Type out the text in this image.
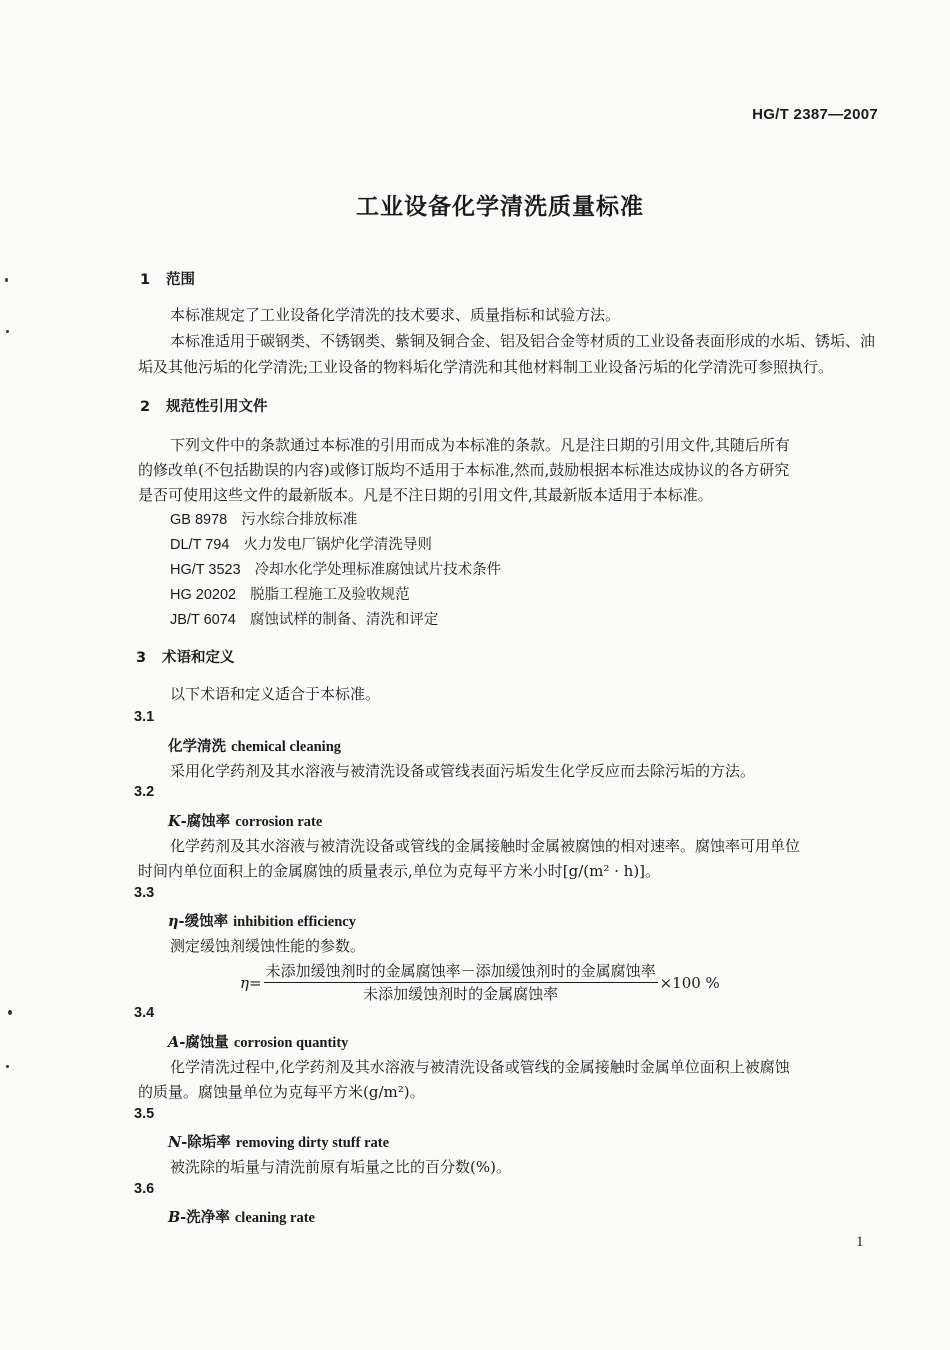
HG/T 2387—2007
工业设备化学清洗质量标准
1 范围
本标准规定了工业设备化学清洗的技术要求、质量指标和试验方法。
本标准适用于碳钢类、不锈钢类、紫铜及铜合金、铝及铝合金等材质的工业设备表面形成的水垢、锈垢、油
垢及其他污垢的化学清洗;工业设备的物料垢化学清洗和其他材料制工业设备污垢的化学清洗可参照执行。
2 规范性引用文件
下列文件中的条款通过本标准的引用而成为本标准的条款。凡是注日期的引用文件,其随后所有
的修改单(不包括勘误的内容)或修订版均不适用于本标准,然而,鼓励根据本标准达成协议的各方研究
是否可使用这些文件的最新版本。凡是不注日期的引用文件,其最新版本适用于本标准。
GB 8978 污水综合排放标准
DL/T 794 火力发电厂锅炉化学清洗导则
HG/T 3523 冷却水化学处理标准腐蚀试片技术条件
HG 20202 脱脂工程施工及验收规范
JB/T 6074 腐蚀试样的制备、清洗和评定
3 术语和定义
以下术语和定义适合于本标准。
3.1
化学清洗 chemical cleaning
采用化学药剂及其水溶液与被清洗设备或管线表面污垢发生化学反应而去除污垢的方法。
3.2
K-腐蚀率 corrosion rate
化学药剂及其水溶液与被清洗设备或管线的金属接触时金属被腐蚀的相对速率。腐蚀率可用单位
时间内单位面积上的金属腐蚀的质量表示,单位为克每平方米小时[g/(m² · h)]。
3.3
η-缓蚀率 inhibition efficiency
测定缓蚀剂缓蚀性能的参数。
$\eta= \frac{\text{未添加缓蚀剂时的金属腐蚀率－添加缓蚀剂时的金属腐蚀率}}{\text{未添加缓蚀剂时的金属腐蚀率}} \times 100$ %
3.4
A-腐蚀量 corrosion quantity
化学清洗过程中,化学药剂及其水溶液与被清洗设备或管线的金属接触时金属单位面积上被腐蚀
的质量。腐蚀量单位为克每平方米(g/m²)。
3.5
N-除垢率 removing dirty stuff rate
被洗除的垢量与清洗前原有垢量之比的百分数(%)。
3.6
B-洗净率 cleaning rate
1
